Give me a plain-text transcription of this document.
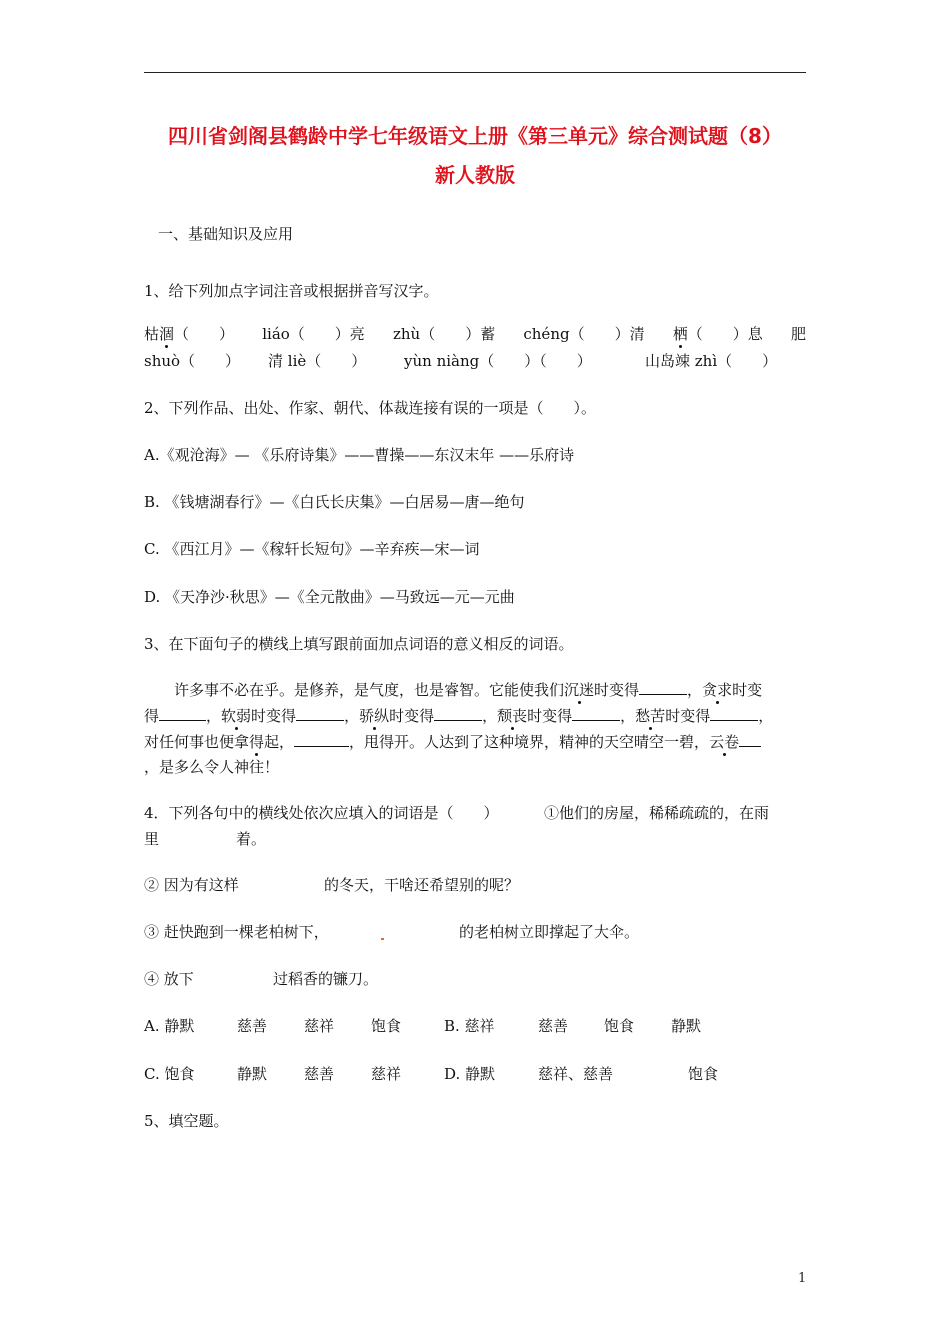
四川省剑阁县鹤龄中学七年级语文上册《第三单元》综合测试题（8）
新人教版
一、基础知识及应用
1、给下列加点字词注音或根据拼音写汉字。
枯涸（　　） liáo（　　）亮 zhù（　　）蓄 chéng（　　）清 栖（　　）息 肥
shuò（　　） 清 liè（　　）	yùn niàng（　　）（　　）	山岛竦 zhì（　　）
2、下列作品、出处、作家、朝代、体裁连接有误的一项是（　　）。
A.《观沧海》— 《乐府诗集》——曹操——东汉末年 ——乐府诗
B. 《钱塘湖春行》—《白氏长庆集》—白居易—唐—绝句
C. 《西江月》—《稼轩长短句》—辛弃疾—宋—词
D. 《天净沙·秋思》—《全元散曲》—马致远—元—元曲
3、在下面句子的横线上填写跟前面加点词语的意义相反的词语。
许多事不必在乎。是修养，是气度，也是睿智。它能使我们沉迷时变得	，贪求时变
得	，软弱时变得	，骄纵时变得	，颓丧时变得	，愁苦时变得	，
对任何事也便拿得起，	，甩得开。人达到了这种境界，精神的天空晴空一碧，云卷
，是多么令人神往！
4．下列各句中的横线处依次应填入的词语是（　　）	①他们的房屋，稀稀疏疏的，在雨
里	着。
② 因为有这样	的冬天，干啥还希望别的呢？
③ 赶快跑到一棵老柏树下，	的老柏树立即撑起了大伞。
④ 放下	过稻香的镰刀。
A. 静默	慈善 慈祥 饱食	B. 慈祥	慈善 饱食 静默
C. 饱食	静默 慈善 慈祥	D. 静默	慈祥、慈善	饱食
5、填空题。
1
